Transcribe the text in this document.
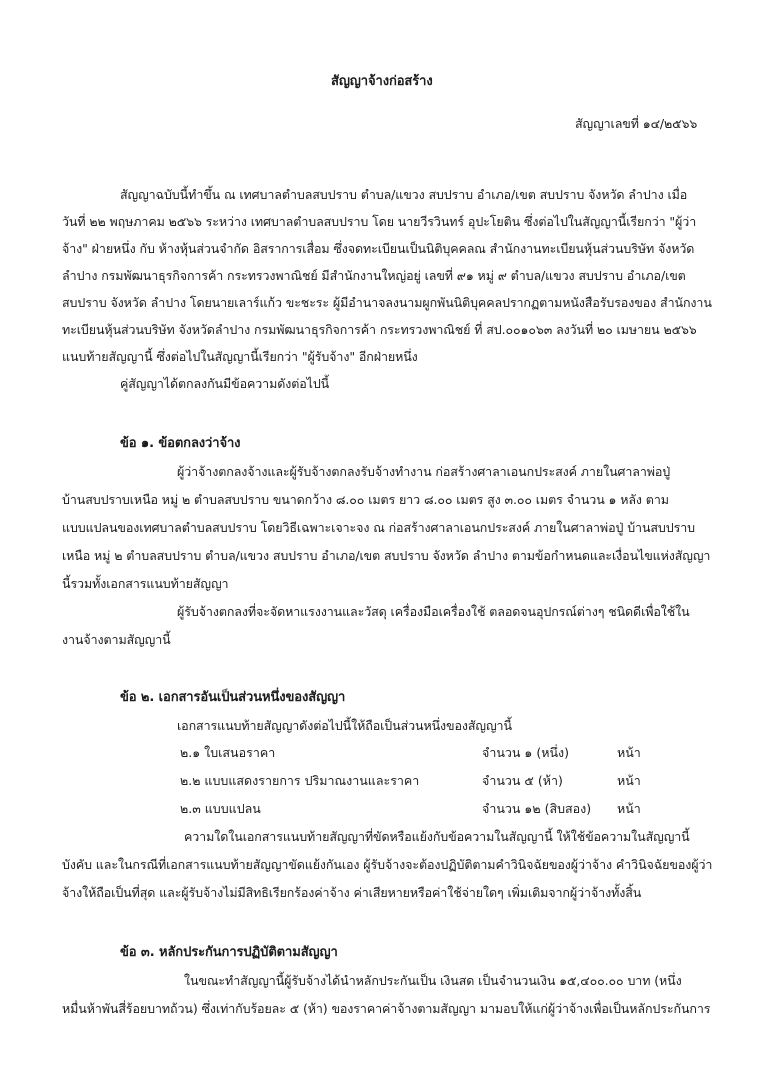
สัญญาจ้างก่อสร้าง
สัญญาเลขที่ ๑๔/๒๕๖๖
สัญญาฉบับนี้ทำขึ้น ณ เทศบาลตำบลสบปราบ ตำบล/แขวง สบปราบ อำเภอ/เขต สบปราบ จังหวัด ลำปาง เมื่อ
วันที่ ๒๒ พฤษภาคม ๒๕๖๖ ระหว่าง เทศบาลตำบลสบปราบ โดย นายวีรวินทร์ อุปะโยติน ซึ่งต่อไปในสัญญานี้เรียกว่า "ผู้ว่า
จ้าง" ฝ่ายหนึ่ง กับ ห้างหุ้นส่วนจำกัด อิสราการเสื่อม ซึ่งจดทะเบียนเป็นนิติบุคคลณ สำนักงานทะเบียนหุ้นส่วนบริษัท จังหวัด
ลำปาง กรมพัฒนาธุรกิจการค้า กระทรวงพาณิชย์ มีสำนักงานใหญ่อยู่ เลขที่ ๙๑ หมู่ ๙ ตำบล/แขวง สบปราบ อำเภอ/เขต
สบปราบ จังหวัด ลำปาง โดยนายเลาร์แก้ว ขะชะระ ผู้มีอำนาจลงนามผูกพันนิติบุคคลปรากฏตามหนังสือรับรองของ สำนักงาน
ทะเบียนหุ้นส่วนบริษัท จังหวัดลำปาง กรมพัฒนาธุรกิจการค้า กระทรวงพาณิชย์ ที่ สป.๐๐๑๐๖๓ ลงวันที่ ๒๐ เมษายน ๒๕๖๖
แนบท้ายสัญญานี้ ซึ่งต่อไปในสัญญานี้เรียกว่า "ผู้รับจ้าง" อีกฝ่ายหนึ่ง
คู่สัญญาได้ตกลงกันมีข้อความดังต่อไปนี้
ข้อ ๑. ข้อตกลงว่าจ้าง
ผู้ว่าจ้างตกลงจ้างและผู้รับจ้างตกลงรับจ้างทำงาน ก่อสร้างศาลาเอนกประสงค์ ภายในศาลาพ่อปู่
บ้านสบปราบเหนือ หมู่ ๒ ตำบลสบปราบ ขนาดกว้าง ๘.๐๐ เมตร ยาว ๘.๐๐ เมตร สูง ๓.๐๐ เมตร จำนวน ๑ หลัง ตาม
แบบแปลนของเทศบาลตำบลสบปราบ โดยวิธีเฉพาะเจาะจง ณ ก่อสร้างศาลาเอนกประสงค์ ภายในศาลาพ่อปู่ บ้านสบปราบ
เหนือ หมู่ ๒ ตำบลสบปราบ ตำบล/แขวง สบปราบ อำเภอ/เขต สบปราบ จังหวัด ลำปาง ตามข้อกำหนดและเงื่อนไขแห่งสัญญา
นี้รวมทั้งเอกสารแนบท้ายสัญญา
ผู้รับจ้างตกลงที่จะจัดหาแรงงานและวัสดุ เครื่องมือเครื่องใช้ ตลอดจนอุปกรณ์ต่างๆ ชนิดดีเพื่อใช้ใน
งานจ้างตามสัญญานี้
ข้อ ๒. เอกสารอันเป็นส่วนหนึ่งของสัญญา
เอกสารแนบท้ายสัญญาดังต่อไปนี้ให้ถือเป็นส่วนหนึ่งของสัญญานี้
๒.๑ ใบเสนอราคา	จำนวน ๑ (หนึ่ง)	หน้า
๒.๒ แบบแสดงรายการ ปริมาณงานและราคา	จำนวน ๕ (ห้า)	หน้า
๒.๓ แบบแปลน	จำนวน ๑๒ (สิบสอง) หน้า
ความใดในเอกสารแนบท้ายสัญญาที่ขัดหรือแย้งกับข้อความในสัญญานี้ ให้ใช้ข้อความในสัญญานี้
บังคับ และในกรณีที่เอกสารแนบท้ายสัญญาขัดแย้งกันเอง ผู้รับจ้างจะต้องปฏิบัติตามคำวินิจฉัยของผู้ว่าจ้าง คำวินิจฉัยของผู้ว่า
จ้างให้ถือเป็นที่สุด และผู้รับจ้างไม่มีสิทธิเรียกร้องค่าจ้าง ค่าเสียหายหรือค่าใช้จ่ายใดๆ เพิ่มเติมจากผู้ว่าจ้างทั้งสิ้น
ข้อ ๓. หลักประกันการปฏิบัติตามสัญญา
ในขณะทำสัญญานี้ผู้รับจ้างได้นำหลักประกันเป็น เงินสด เป็นจำนวนเงิน ๑๕,๔๐๐.๐๐ บาท (หนึ่ง
หมื่นห้าพันสี่ร้อยบาทถ้วน) ซึ่งเท่ากับร้อยละ ๕ (ห้า) ของราคาค่าจ้างตามสัญญา มามอบให้แก่ผู้ว่าจ้างเพื่อเป็นหลักประกันการ
